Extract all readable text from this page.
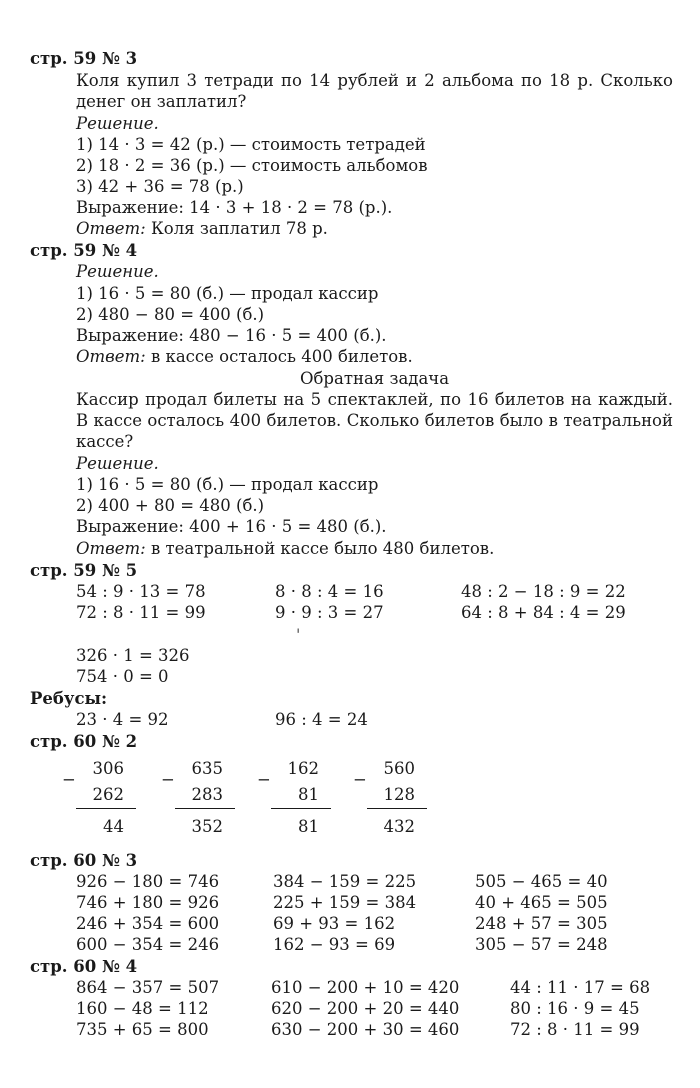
стр. 59 № 3
Коля купил 3 тетради по 14 рублей и 2 альбома по 18 р. Сколько
денег он заплатил?
Решение.
1) 14 · 3 = 42 (р.) — стоимость тетрадей
2) 18 · 2 = 36 (р.) — стоимость альбомов
3) 42 + 36 = 78 (р.)
Выражение: 14 · 3 + 18 · 2 = 78 (р.).
Ответ: Коля заплатил 78 р.
стр. 59 № 4
Решение.
1) 16 · 5 = 80 (б.) — продал кассир
2) 480 − 80 = 400 (б.)
Выражение: 480 − 16 · 5 = 400 (б.).
Ответ: в кассе осталось 400 билетов.
Обратная задача
Кассир продал билеты на 5 спектаклей, по 16 билетов на каждый.
В кассе осталось 400 билетов. Сколько билетов было в театральной
кассе?
Решение.
1) 16 · 5 = 80 (б.) — продал кассир
2) 400 + 80 = 480 (б.)
Выражение: 400 + 16 · 5 = 480 (б.).
Ответ: в театральной кассе было 480 билетов.
стр. 59 № 5
54 : 9 · 13 = 78
72 : 8 · 11 = 99
8 · 8 : 4 = 16
9 · 9 : 3 = 27
48 : 2 − 18 : 9 = 22
64 : 8 + 84 : 4 = 29
326 · 1 = 326
754 · 0 = 0
Ребусы:
23 · 4 = 92	96 : 4 = 24
стр. 60 № 2
−
306
262
44
−
635
283
352
−
162
81
81
−
560
128
432
стр. 60 № 3
926 − 180 = 746
746 + 180 = 926
246 + 354 = 600
600 − 354 = 246
384 − 159 = 225
225 + 159 = 384
69 + 93 = 162
162 − 93 = 69
505 − 465 = 40
40 + 465 = 505
248 + 57 = 305
305 − 57 = 248
стр. 60 № 4
864 − 357 = 507
160 − 48 = 112
735 + 65 = 800
610 − 200 + 10 = 420
620 − 200 + 20 = 440
630 − 200 + 30 = 460
44 : 11 · 17 = 68
80 : 16 · 9 = 45
72 : 8 · 11 = 99
'
